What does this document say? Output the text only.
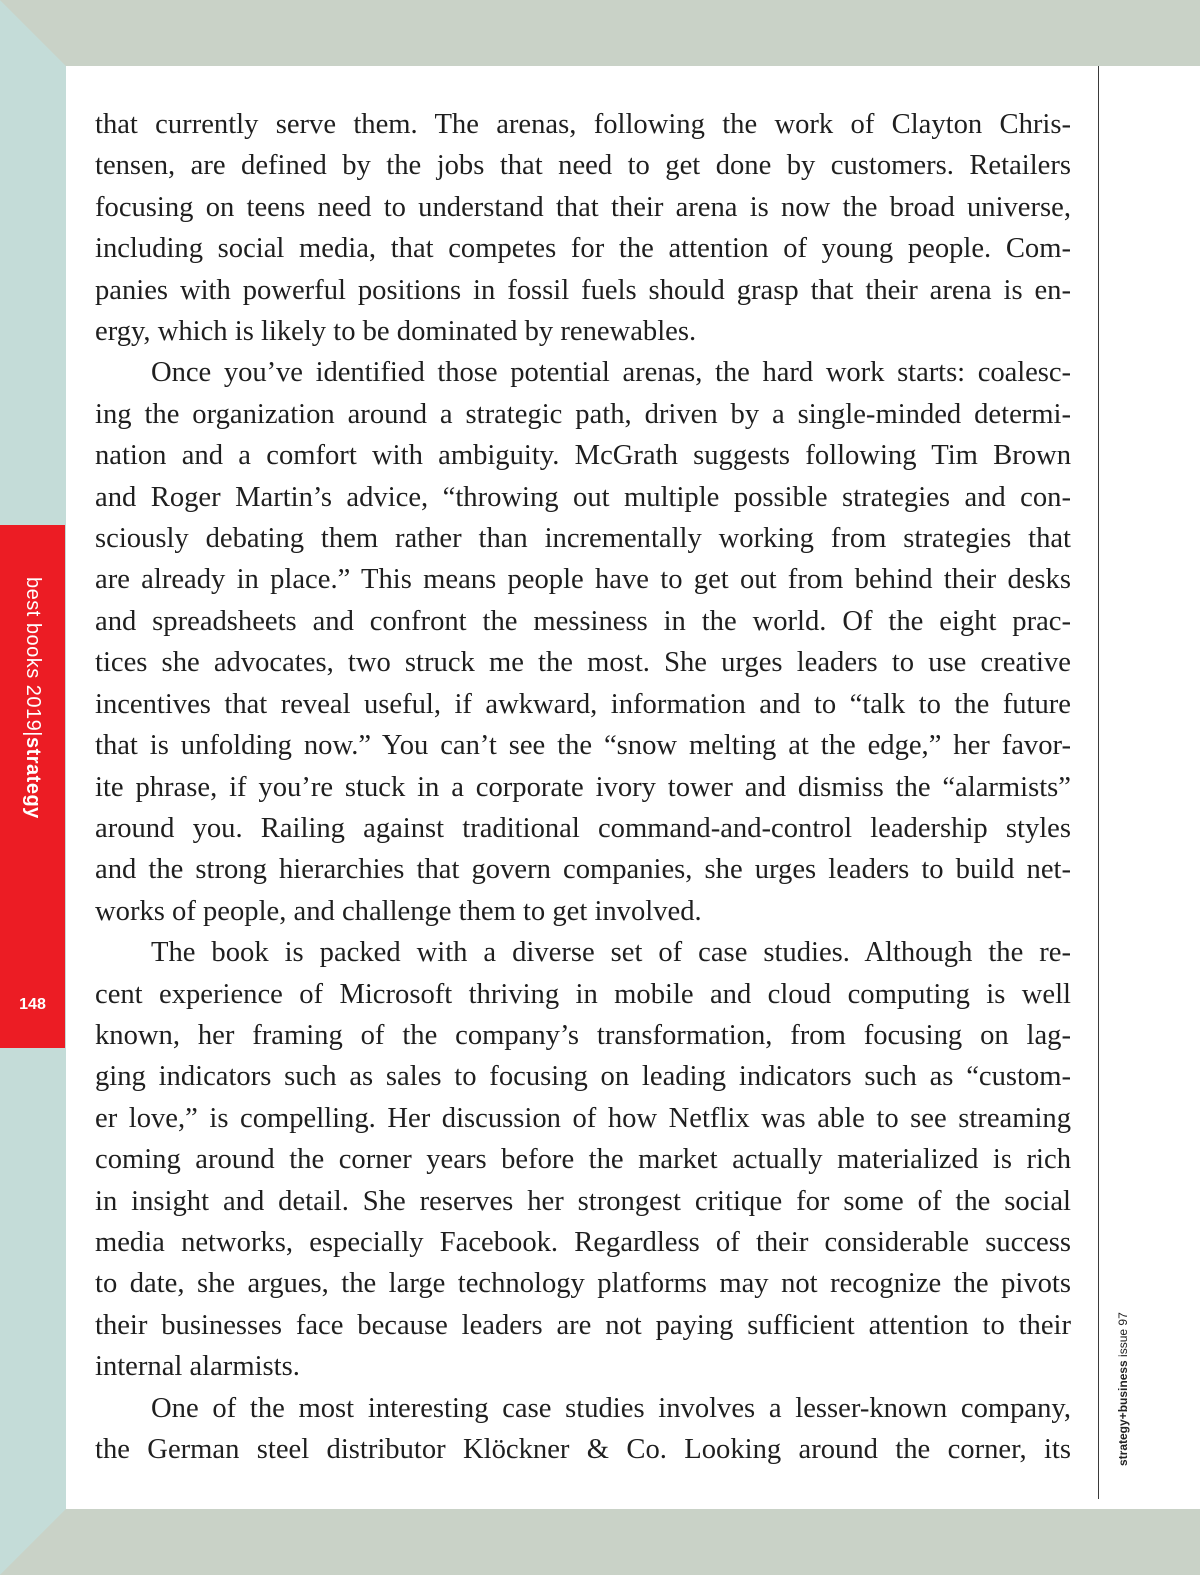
best books 2019|strategy
148
strategy+business issue 97
that currently serve them. The arenas, following the work of Clayton Chris-
tensen, are defined by the jobs that need to get done by customers. Retailers
focusing on teens need to understand that their arena is now the broad universe,
including social media, that competes for the attention of young people. Com-
panies with powerful positions in fossil fuels should grasp that their arena is en-
ergy, which is likely to be dominated by renewables.
Once you’ve identified those potential arenas, the hard work starts: coalesc-
ing the organization around a strategic path, driven by a single-minded determi-
nation and a comfort with ambiguity. McGrath suggests following Tim Brown
and Roger Martin’s advice, “throwing out multiple possible strategies and con-
sciously debating them rather than incrementally working from strategies that
are already in place.” This means people have to get out from behind their desks
and spreadsheets and confront the messiness in the world. Of the eight prac-
tices she advocates, two struck me the most. She urges leaders to use creative
incentives that reveal useful, if awkward, information and to “talk to the future
that is unfolding now.” You can’t see the “snow melting at the edge,” her favor-
ite phrase, if you’re stuck in a corporate ivory tower and dismiss the “alarmists”
around you. Railing against traditional command-and-control leadership styles
and the strong hierarchies that govern companies, she urges leaders to build net-
works of people, and challenge them to get involved.
The book is packed with a diverse set of case studies. Although the re-
cent experience of Microsoft thriving in mobile and cloud computing is well
known, her framing of the company’s transformation, from focusing on lag-
ging indicators such as sales to focusing on leading indicators such as “custom-
er love,” is compelling. Her discussion of how Netflix was able to see streaming
coming around the corner years before the market actually materialized is rich
in insight and detail. She reserves her strongest critique for some of the social
media networks, especially Facebook. Regardless of their considerable success
to date, she argues, the large technology platforms may not recognize the pivots
their businesses face because leaders are not paying sufficient attention to their
internal alarmists.
One of the most interesting case studies involves a lesser-known company,
the German steel distributor Klöckner & Co. Looking around the corner, its
